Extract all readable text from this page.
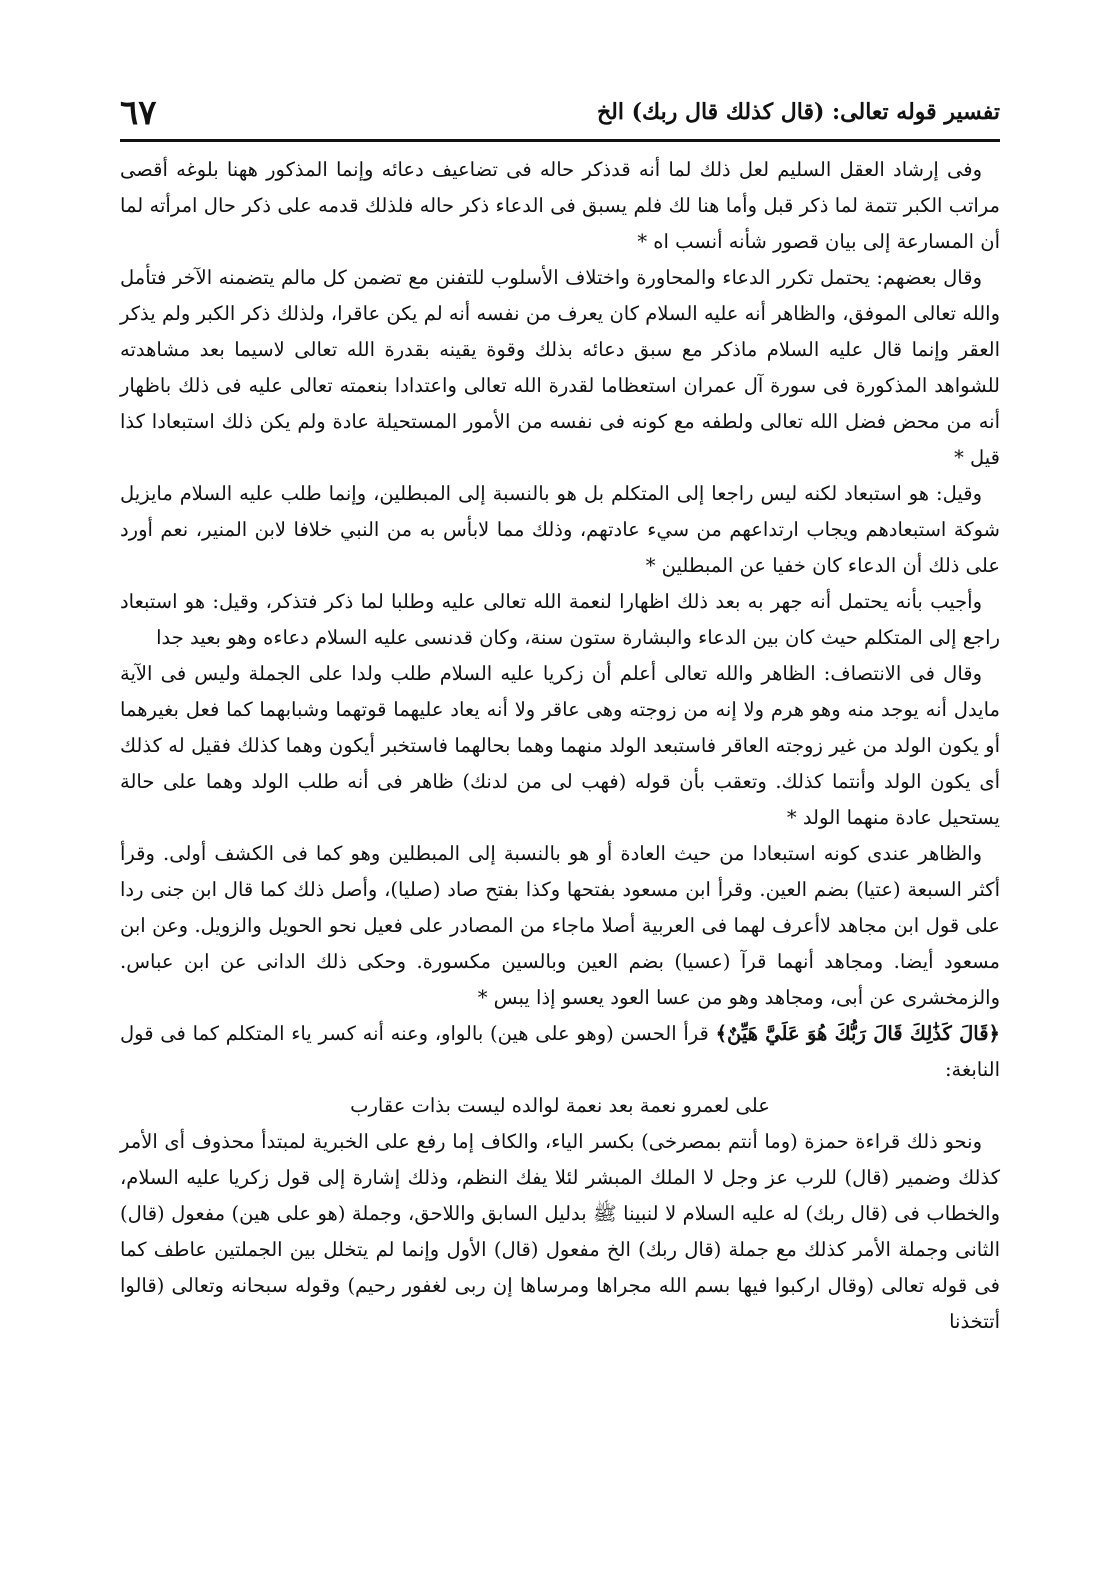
تفسير قوله تعالى: (قال كذلك قال ربك) الخ
٦٧

وفى إرشاد العقل السليم لعل ذلك لما أنه قدذكر حاله فى تضاعيف دعائه وإنما المذكور ههنا بلوغه أقصى مراتب الكبر تتمة لما ذكر قبل وأما هنا لك فلم يسبق فى الدعاء ذكر حاله فلذلك قدمه على ذكر حال امرأته لما أن المسارعة إلى بيان قصور شأنه أنسب اه *

وقال بعضهم: يحتمل تكرر الدعاء والمحاورة واختلاف الأسلوب للتفنن مع تضمن كل مالم يتضمنه الآخر فتأمل والله تعالى الموفق، والظاهر أنه عليه السلام كان يعرف من نفسه أنه لم يكن عاقرا، ولذلك ذكر الكبر ولم يذكر العقر وإنما قال عليه السلام ماذكر مع سبق دعائه بذلك وقوة يقينه بقدرة الله تعالى لاسيما بعد مشاهدته للشواهد المذكورة فى سورة آل عمران استعظاما لقدرة الله تعالى واعتدادا بنعمته تعالى عليه فى ذلك باظهار أنه من محض فضل الله تعالى ولطفه مع كونه فى نفسه من الأمور المستحيلة عادة ولم يكن ذلك استبعادا كذا قيل *

وقيل: هو استبعاد لكنه ليس راجعا إلى المتكلم بل هو بالنسبة إلى المبطلين، وإنما طلب عليه السلام مايزيل شوكة استبعادهم ويجاب ارتداعهم من سيء عادتهم، وذلك مما لابأس به من النبي خلافا لابن المنير، نعم أورد على ذلك أن الدعاء كان خفيا عن المبطلين *

وأجيب بأنه يحتمل أنه جهر به بعد ذلك اظهارا لنعمة الله تعالى عليه وطلبا لما ذكر فتذكر، وقيل: هو استبعاد راجع إلى المتكلم حيث كان بين الدعاء والبشارة ستون سنة، وكان قدنسى عليه السلام دعاءه وهو بعيد جدا

وقال فى الانتصاف: الظاهر والله تعالى أعلم أن زكريا عليه السلام طلب ولدا على الجملة وليس فى الآية مايدل أنه يوجد منه وهو هرم ولا إنه من زوجته وهى عاقر ولا أنه يعاد عليهما قوتهما وشبابهما كما فعل بغيرهما أو يكون الولد من غير زوجته العاقر فاستبعد الولد منهما وهما بحالهما فاستخبر أيكون وهما كذلك فقيل له كذلك أى يكون الولد وأنتما كذلك. وتعقب بأن قوله (فهب لى من لدنك) ظاهر فى أنه طلب الولد وهما على حالة يستحيل عادة منهما الولد *

والظاهر عندى كونه استبعادا من حيث العادة أو هو بالنسبة إلى المبطلين وهو كما فى الكشف أولى. وقرأ أكثر السبعة (عتيا) بضم العين. وقرأ ابن مسعود بفتحها وكذا بفتح صاد (صليا)، وأصل ذلك كما قال ابن جنى ردا على قول ابن مجاهد لاأعرف لهما فى العربية أصلا ماجاء من المصادر على فعيل نحو الحويل والزويل. وعن ابن مسعود أيضا. ومجاهد أنهما قرآ (عسيا) بضم العين وبالسين مكسورة. وحكى ذلك الدانى عن ابن عباس. والزمخشرى عن أبى، ومجاهد وهو من عسا العود يعسو إذا يبس *

﴿قَالَ كَذَٰلِكَ قَالَ رَبُّكَ هُوَ عَلَيَّ هَيِّنٌ﴾ قرأ الحسن (وهو على هين) بالواو، وعنه أنه كسر ياء المتكلم كما فى قول النابغة:

على لعمرو نعمة بعد نعمة لوالده ليست بذات عقارب

ونحو ذلك قراءة حمزة (وما أنتم بمصرخى) بكسر الياء، والكاف إما رفع على الخبرية لمبتدأ محذوف أى الأمر كذلك وضمير (قال) للرب عز وجل لا الملك المبشر لئلا يفك النظم، وذلك إشارة إلى قول زكريا عليه السلام، والخطاب فى (قال ربك) له عليه السلام لا لنبينا ﷺ بدليل السابق واللاحق، وجملة (هو على هين) مفعول (قال) الثانى وجملة الأمر كذلك مع جملة (قال ربك) الخ مفعول (قال) الأول وإنما لم يتخلل بين الجملتين عاطف كما فى قوله تعالى (وقال اركبوا فيها بسم الله مجراها ومرساها إن ربى لغفور رحيم) وقوله سبحانه وتعالى (قالوا أتتخذنا
